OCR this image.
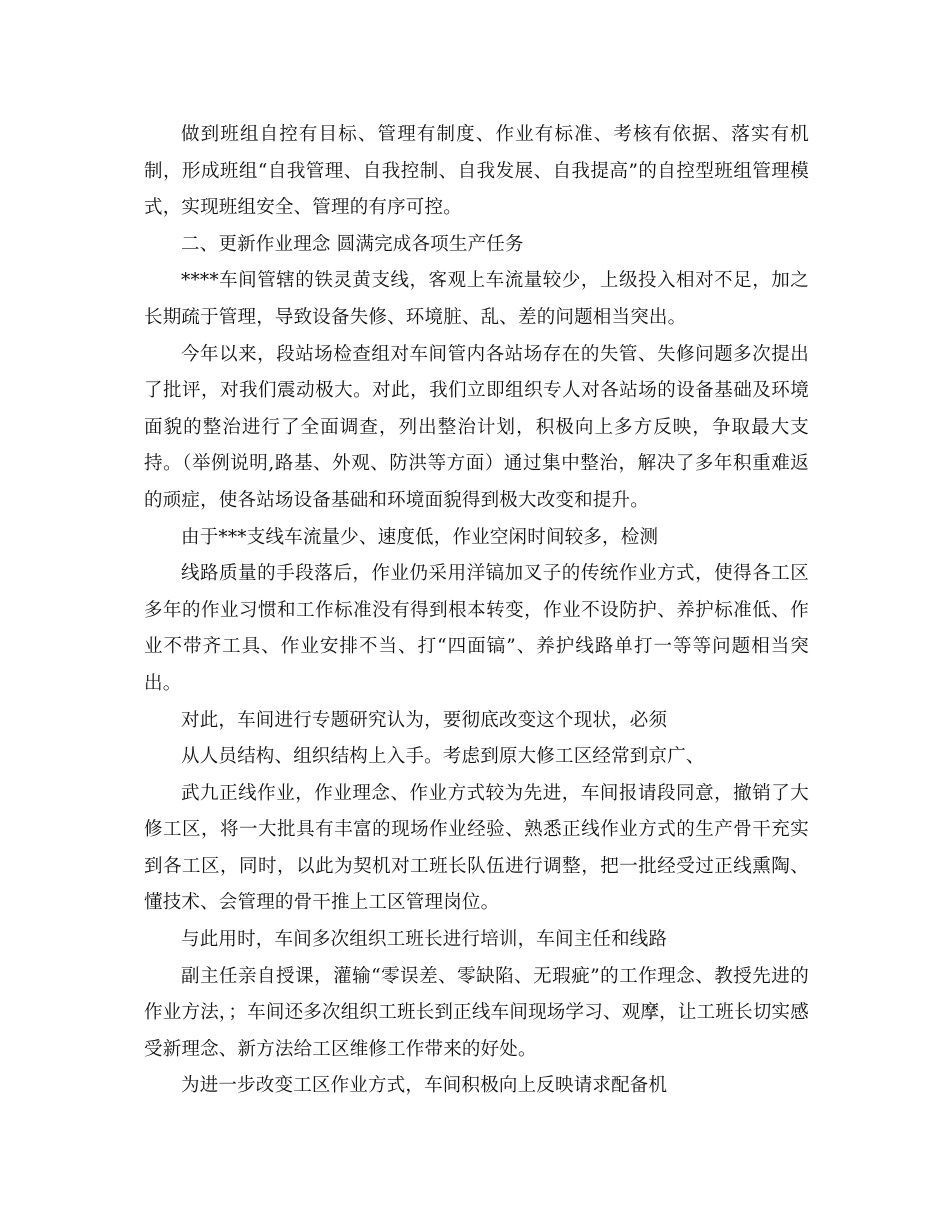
做到班组自控有目标、管理有制度、作业有标准、考核有依据、落实有机制，形成班组“自我管理、自我控制、自我发展、自我提高”的自控型班组管理模式，实现班组安全、管理的有序可控。

二、更新作业理念 圆满完成各项生产任务

****车间管辖的铁灵黄支线，客观上车流量较少，上级投入相对不足，加之长期疏于管理，导致设备失修、环境脏、乱、差的问题相当突出。

今年以来，段站场检查组对车间管内各站场存在的失管、失修问题多次提出了批评，对我们震动极大。对此，我们立即组织专人对各站场的设备基础及环境面貌的整治进行了全面调查，列出整治计划，积极向上多方反映，争取最大支持。（举例说明,路基、外观、防洪等方面）通过集中整治，解决了多年积重难返的顽症，使各站场设备基础和环境面貌得到极大改变和提升。

由于***支线车流量少、速度低，作业空闲时间较多，检测

线路质量的手段落后，作业仍采用洋镐加叉子的传统作业方式，使得各工区多年的作业习惯和工作标准没有得到根本转变，作业不设防护、养护标准低、作业不带齐工具、作业安排不当、打“四面镐”、养护线路单打一等等问题相当突出。

对此，车间进行专题研究认为，要彻底改变这个现状，必须

从人员结构、组织结构上入手。考虑到原大修工区经常到京广、

武九正线作业，作业理念、作业方式较为先进，车间报请段同意，撤销了大修工区，将一大批具有丰富的现场作业经验、熟悉正线作业方式的生产骨干充实到各工区，同时，以此为契机对工班长队伍进行调整，把一批经受过正线熏陶、懂技术、会管理的骨干推上工区管理岗位。

与此用时，车间多次组织工班长进行培训，车间主任和线路

副主任亲自授课，灌输“零误差、零缺陷、无瑕疵”的工作理念、教授先进的作业方法，；车间还多次组织工班长到正线车间现场学习、观摩，让工班长切实感受新理念、新方法给工区维修工作带来的好处。

为进一步改变工区作业方式，车间积极向上反映请求配备机
